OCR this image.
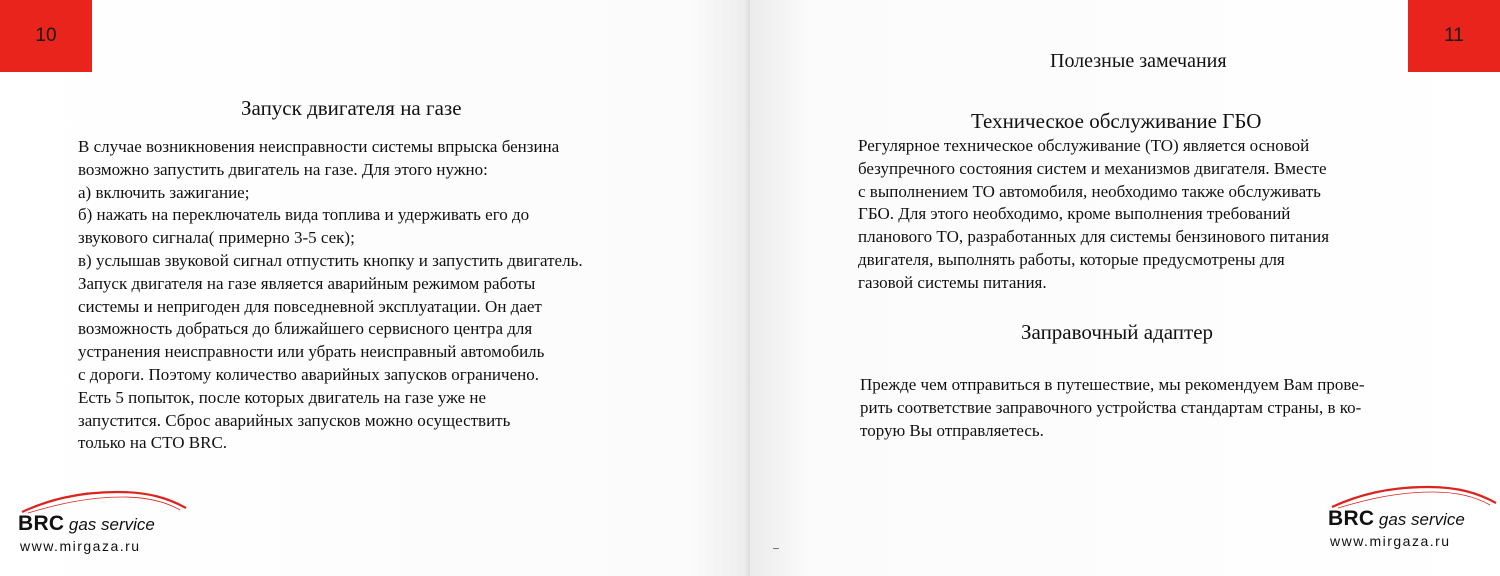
10
Запуск двигателя на газе

В случае возникновения неисправности системы впрыска бензина

возможно запустить двигатель на газе. Для этого нужно:

а) включить зажигание;

б) нажать на переключатель вида топлива и удерживать его до

звукового сигнала( примерно 3-5 сек);

в) услышав звуковой сигнал отпустить кнопку и запустить двигатель.

Запуск двигателя на газе является аварийным режимом работы

системы и непригоден для повседневной эксплуатации. Он дает

возможность добраться до ближайшего сервисного центра для

устранения неисправности или убрать неисправный автомобиль

с дороги. Поэтому количество аварийных запусков ограничено.

Есть 5 попыток, после которых двигатель на газе уже не

запустится. Сброс аварийных запусков можно осуществить

только на СТО BRC.

BRC gas service
www.mirgaza.ru
11
Полезные замечания
Техническое обслуживание ГБО

Регулярное техническое обслуживание (ТО) является основой

безупречного состояния систем и механизмов двигателя. Вместе

с выполнением ТО автомобиля, необходимо также обслуживать

ГБО. Для этого необходимо, кроме выполнения требований

планового ТО, разработанных для системы бензинового питания

двигателя, выполнять работы, которые предусмотрены для

газовой системы питания.

Заправочный адаптер

Прежде чем отправиться в путешествие, мы рекомендуем Вам прове-

рить соответствие заправочного устройства стандартам страны, в ко-

торую Вы отправляетесь.

BRC gas service
www.mirgaza.ru
